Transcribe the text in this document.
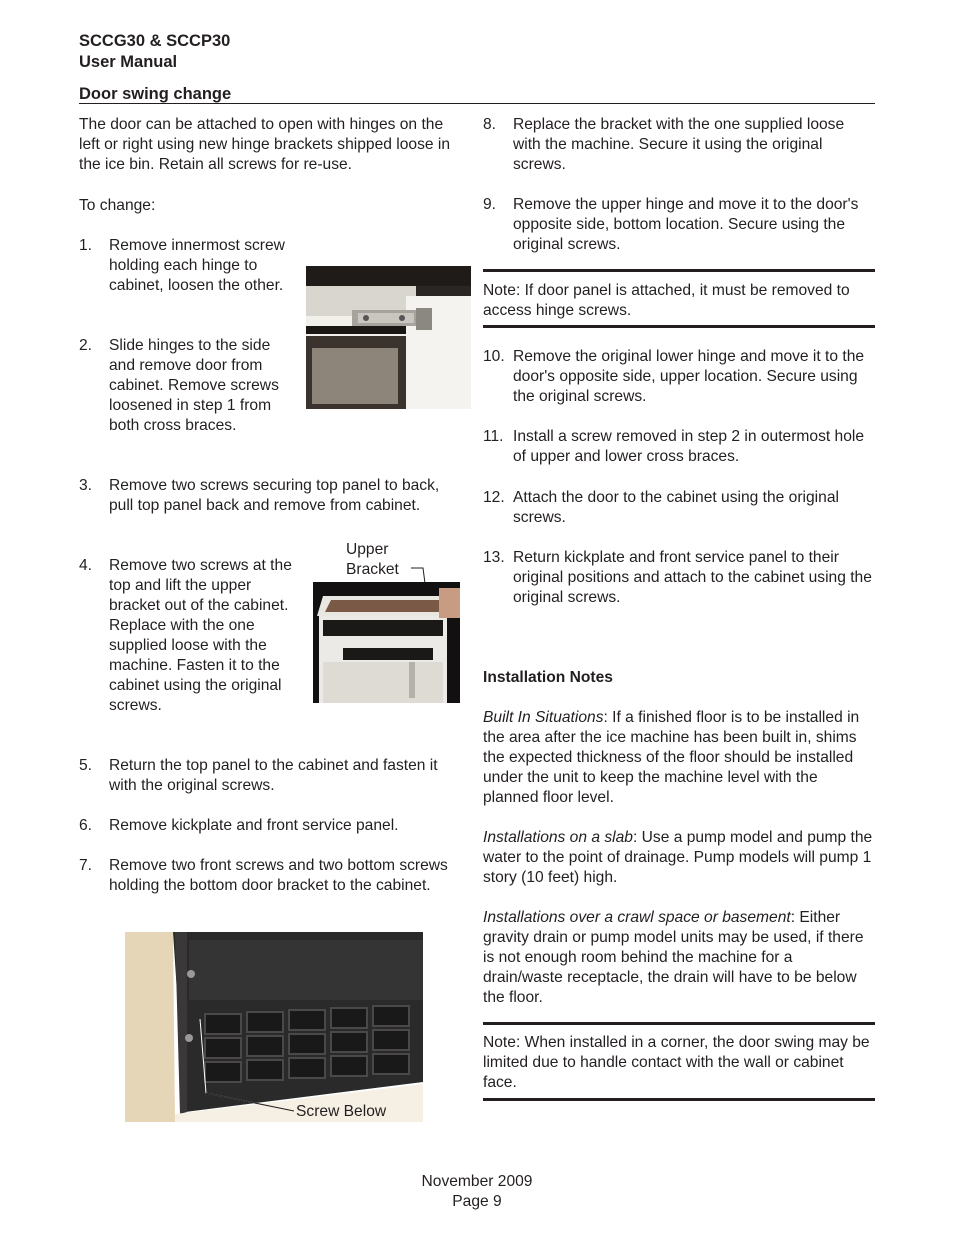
SCCG30 & SCCP30
User Manual
Door swing change
The door can be attached to open with hinges on the left or right using new hinge brackets shipped loose in the ice bin. Retain all screws for re-use.
To change:
1. Remove innermost screw holding each hinge to cabinet, loosen the other.
2. Slide hinges to the side and remove door from cabinet. Remove screws loosened in step 1 from both cross braces.
3. Remove two screws securing top panel to back, pull top panel back and remove from cabinet.
4. Remove two screws at the top and lift the upper bracket out of the cabinet. Replace with the one supplied loose with the machine. Fasten it to the cabinet using the original screws.
Upper
Bracket
5. Return the top panel to the cabinet and fasten it with the original screws.
6. Remove kickplate and front service panel.
7. Remove two front screws and two bottom screws holding the bottom door bracket to the cabinet.
Screw Below
8. Replace the bracket with the one supplied loose with the machine. Secure it using the original screws.
9. Remove the upper hinge and move it to the door's opposite side, bottom location. Secure using the original screws.
Note: If door panel is attached, it must be removed to access hinge screws.
10. Remove the original lower hinge and move it to the door's opposite side, upper location. Secure using the original screws.
11. Install a screw removed in step 2 in outermost hole of upper and lower cross braces.
12. Attach the door to the cabinet using the original screws.
13. Return kickplate and front service panel to their original positions and attach to the cabinet using the original screws.
Installation Notes
Built In Situations: If a finished floor is to be installed in the area after the ice machine has been built in, shims the expected thickness of the floor should be installed under the unit to keep the machine level with the planned floor level.
Installations on a slab: Use a pump model and pump the water to the point of drainage. Pump models will pump 1 story (10 feet) high.
Installations over a crawl space or basement: Either gravity drain or pump model units may be used, if there is not enough room behind the machine for a drain/waste receptacle, the drain will have to be below the floor.
Note: When installed in a corner, the door swing may be limited due to handle contact with the wall or cabinet face.
November 2009
Page 9
